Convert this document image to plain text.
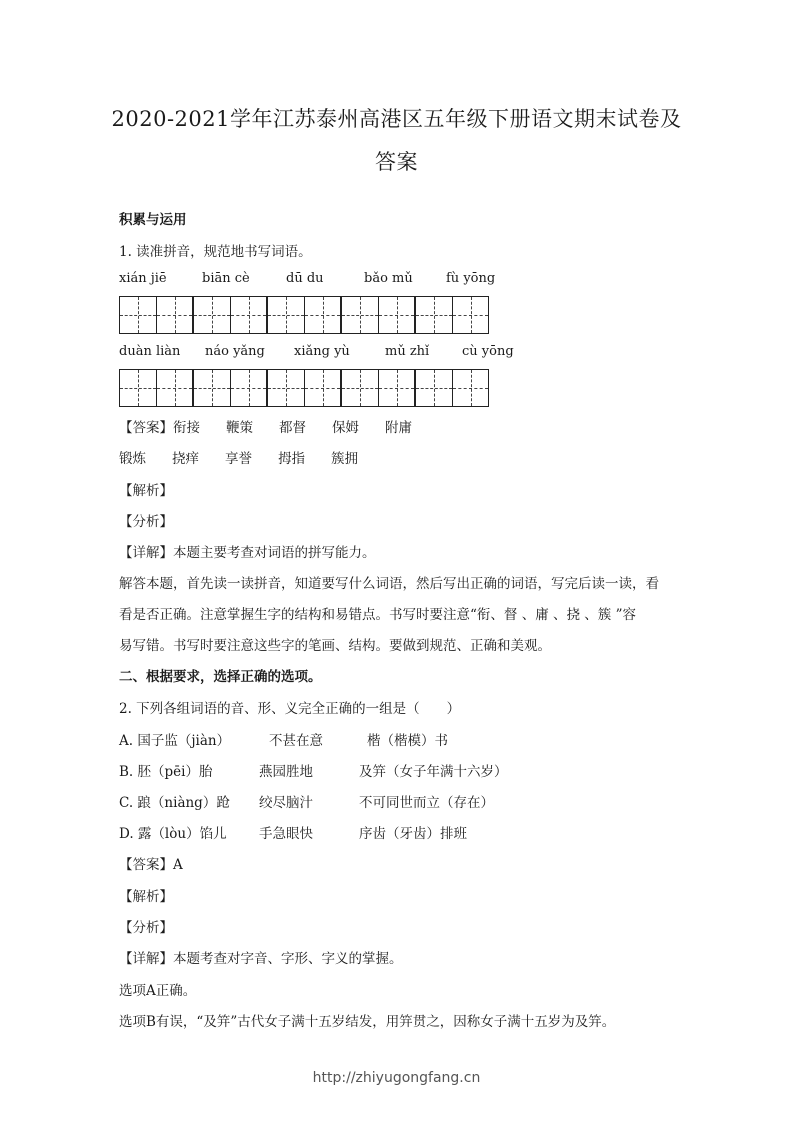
2020-2021学年江苏泰州高港区五年级下册语文期末试卷及
答案
积累与运用
1. 读准拼音，规范地书写词语。
xián jiē	biān cè	dū du	bǎo mǔ	fù yōng
duàn liàn náo yǎng xiǎng yù	mǔ zhǐ	cù yōng
【答案】衔接 鞭策 都督 保姆 附庸
锻炼 挠痒 享誉 拇指 簇拥
【解析】
【分析】
【详解】本题主要考查对词语的拼写能力。
解答本题，首先读一读拼音，知道要写什么词语，然后写出正确的词语，写完后读一读，看
看是否正确。注意掌握生字的结构和易错点。书写时要注意“衔、督 、庸 、挠 、簇 ”容
易写错。书写时要注意这些字的笔画、结构。要做到规范、正确和美观。
二、根据要求，选择正确的选项。
2. 下列各组词语的音、形、义完全正确的一组是（　　）
A. 国子监（jiàn）	不甚在意	楷（楷模）书
B. 胚（pēi）胎	燕园胜地	及笄（女子年满十六岁）
C. 踉（niàng）跄 绞尽脑汁	不可同世而立（存在）
D. 露（lòu）馅儿 手急眼快	序齿（牙齿）排班
【答案】A
【解析】
【分析】
【详解】本题考查对字音、字形、字义的掌握。
选项A正确。
选项B有误，“及笄”古代女子满十五岁结发，用笄贯之，因称女子满十五岁为及笄。
http://zhiyugongfang.cn
